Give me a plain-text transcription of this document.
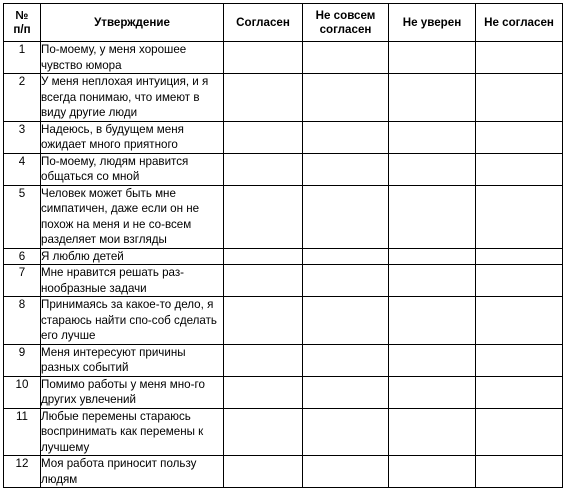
№ п/п	Утверждение	Согласен	Не совсем согласен	Не уверен	Не согласен
1	По-моему, у меня хорошее чувство юмора				
2	У меня неплохая интуиция, и я всегда понимаю, что имеют в виду другие люди				
3	Надеюсь, в будущем меня ожидает много приятного				
4	По-моему, людям нравится общаться со мной				
5	Человек может быть мне симпатичен, даже если он не похож на меня и не со-всем разделяет мои взгляды				
6	Я люблю детей				
7	Мне нравится решать раз-нообразные задачи				
8	Принимаясь за какое-то дело, я стараюсь найти спо-соб сделать его лучше				
9	Меня интересуют причины разных событий				
10	Помимо работы у меня мно-го других увлечений				
11	Любые перемены стараюсь воспринимать как перемены к лучшему				
12	Моя работа приносит пользу людям				
